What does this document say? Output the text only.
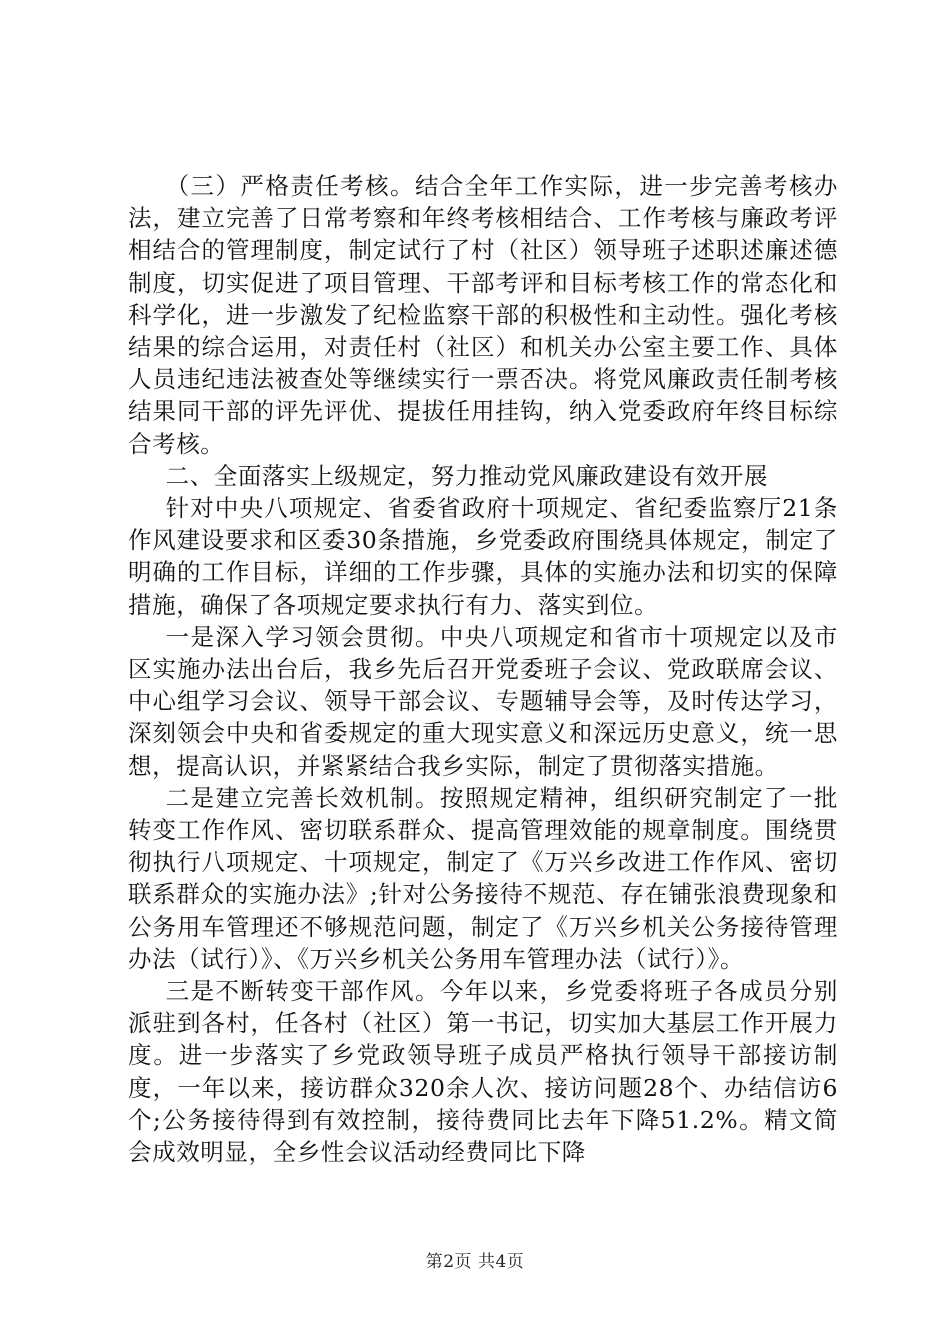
（三）严格责任考核。结合全年工作实际，进一步完善考核办法，建立完善了日常考察和年终考核相结合、工作考核与廉政考评相结合的管理制度，制定试行了村（社区）领导班子述职述廉述德制度，切实促进了项目管理、干部考评和目标考核工作的常态化和科学化，进一步激发了纪检监察干部的积极性和主动性。强化考核结果的综合运用，对责任村（社区）和机关办公室主要工作、具体人员违纪违法被查处等继续实行一票否决。将党风廉政责任制考核结果同干部的评先评优、提拔任用挂钩，纳入党委政府年终目标综合考核。

二、全面落实上级规定，努力推动党风廉政建设有效开展

针对中央八项规定、省委省政府十项规定、省纪委监察厅21条作风建设要求和区委30条措施，乡党委政府围绕具体规定，制定了明确的工作目标，详细的工作步骤，具体的实施办法和切实的保障措施，确保了各项规定要求执行有力、落实到位。

一是深入学习领会贯彻。中央八项规定和省市十项规定以及市区实施办法出台后，我乡先后召开党委班子会议、党政联席会议、中心组学习会议、领导干部会议、专题辅导会等，及时传达学习，深刻领会中央和省委规定的重大现实意义和深远历史意义，统一思想，提高认识，并紧紧结合我乡实际，制定了贯彻落实措施。

二是建立完善长效机制。按照规定精神，组织研究制定了一批转变工作作风、密切联系群众、提高管理效能的规章制度。围绕贯彻执行八项规定、十项规定，制定了《万兴乡改进工作作风、密切联系群众的实施办法》;针对公务接待不规范、存在铺张浪费现象和公务用车管理还不够规范问题，制定了《万兴乡机关公务接待管理办法（试行）》、《万兴乡机关公务用车管理办法（试行）》。

三是不断转变干部作风。今年以来，乡党委将班子各成员分别派驻到各村，任各村（社区）第一书记，切实加大基层工作开展力度。进一步落实了乡党政领导班子成员严格执行领导干部接访制度，一年以来，接访群众320余人次、接访问题28个、办结信访6个;公务接待得到有效控制，接待费同比去年下降51.2%。精文简会成效明显，全乡性会议活动经费同比下降

第2页 共4页
